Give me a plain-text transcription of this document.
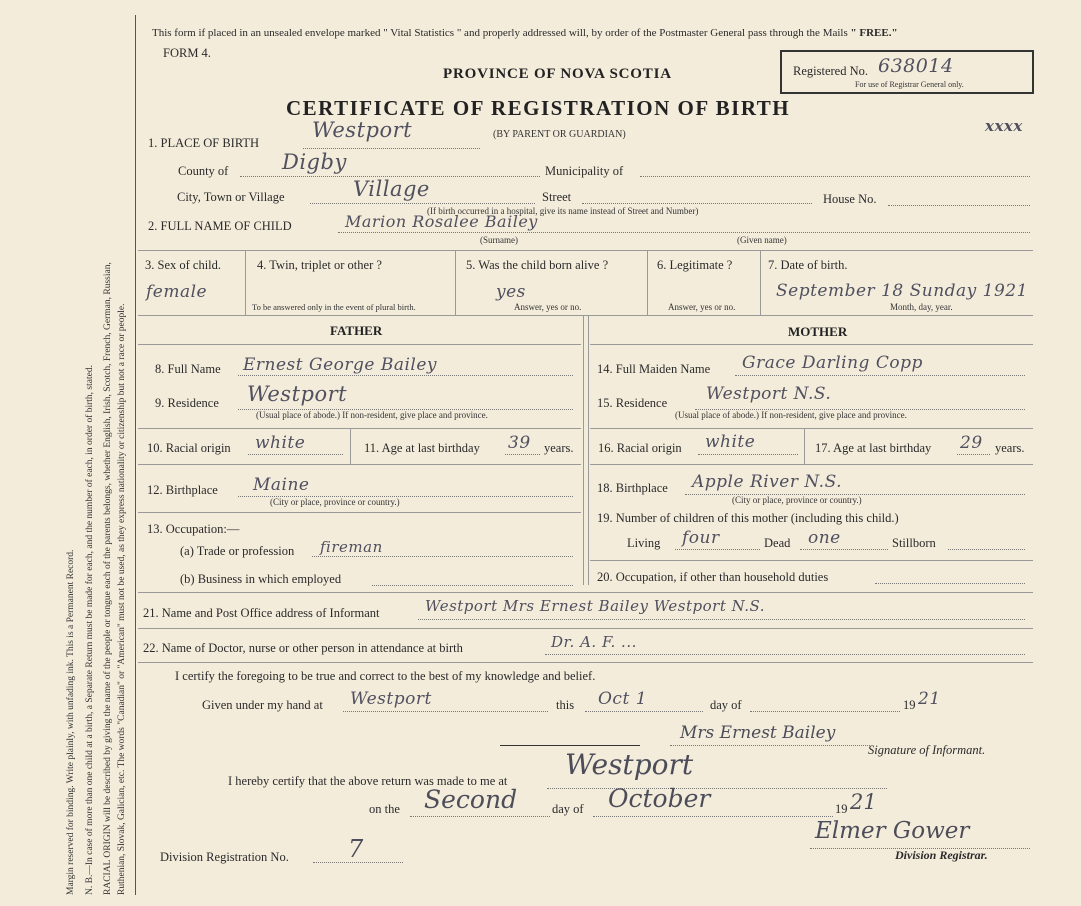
Margin reserved for binding. Write plainly, with unfading ink. This is a Permanent Record. N. B.—In case of more than one child at a birth, a Separate Return must be made for each, and the number of each, in order of birth, stated. RACIAL ORIGIN will be described by giving the name of the people or tongue each of the parents belongs, whether English, Irish, Scotch, French, German, Russian, Ruthenian, Slovak, Galician, etc. The words "Canadian" or "American" must not be used, as they express nationality or citizenship but not a race or people.
This form if placed in an unsealed envelope marked " Vital Statistics " and properly addressed will, by order of the Postmaster General pass through the Mails " FREE."
FORM 4.
PROVINCE OF NOVA SCOTIA
CERTIFICATE OF REGISTRATION OF BIRTH
(BY PARENT OR GUARDIAN)
Registered No. 638014
For use of Registrar General only.
xxxx
1. PLACE OF BIRTH
Westport
County of	Digby	Municipality of
City, Town or Village	Village	Street	House No.
(If birth occurred in a hospital, give its name instead of Street and Number)
2. FULL NAME OF CHILD	Marion Rosalee Bailey
(Surname)	(Given name)
3. Sex of child.
female
4. Twin, triplet or other ?
To be answered only in the event of plural birth.
5. Was the child born alive ?
yes
Answer, yes or no.
6. Legitimate ?
Answer, yes or no.
7. Date of birth.
September 18 Sunday 1921
Month, day, year.
FATHER	MOTHER
8. Full Name Ernest George Bailey
9. Residence Westport
(Usual place of abode.) If non-resident, give place and province.
10. Racial origin white	11. Age at last birthday 39 years.
12. Birthplace Maine
(City or place, province or country.)
13. Occupation:—
(a) Trade or profession fireman
(b) Business in which employed
14. Full Maiden Name Grace Darling Copp
15. Residence Westport N.S.
(Usual place of abode.) If non-resident, give place and province.
16. Racial origin white	17. Age at last birthday 29 years.
18. Birthplace Apple River N.S.
(City or place, province or country.)
19. Number of children of this mother (including this child.)
Living four	Dead one	Stillborn
20. Occupation, if other than household duties
21. Name and Post Office address of Informant	Westport Mrs Ernest Bailey Westport N.S.
22. Name of Doctor, nurse or other person in attendance at birth	Dr. A. F. ...
I certify the foregoing to be true and correct to the best of my knowledge and belief.
Given under my hand at Westport	this Oct 1	day of	19 21
Mrs Ernest Bailey
Signature of Informant.
I hereby certify that the above return was made to me at Westport
on the Second	day of October	19 21
Elmer Gower
Division Registrar.
Division Registration No. 7
